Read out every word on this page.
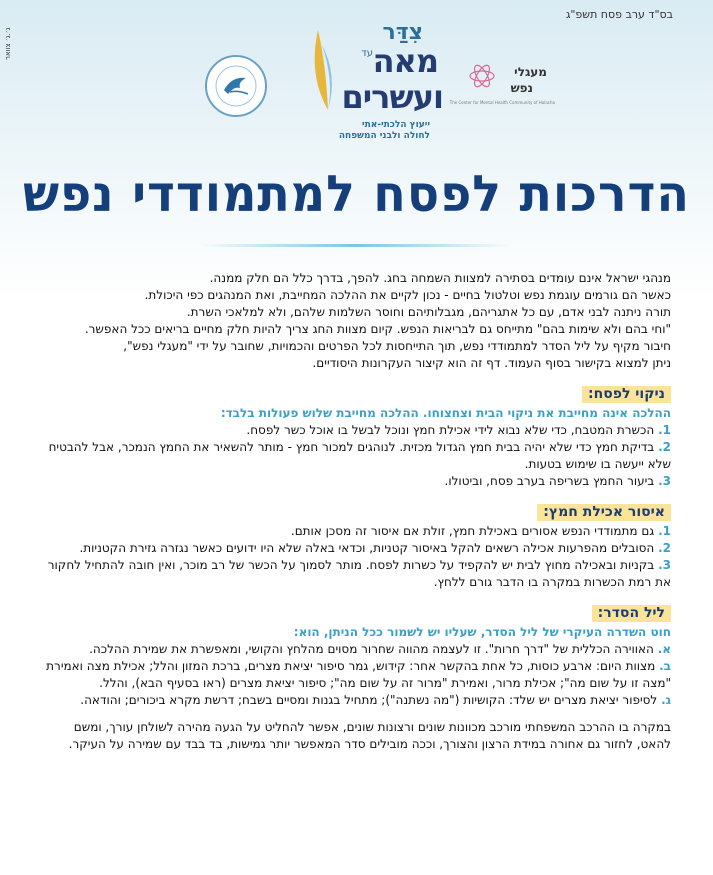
בס"ד ערב פסח תשפ"ג
ג׳.ג׳ צוואר	צִדַּר
עד מאה
ועשרים
ייעוץ הלכתי-אתי
לחולה ולבני המשפחה
מעגלי
נפש
The Center for Mental Health Community of Halacha
הדרכות לפסח למתמודדי נפש

מנהגי ישראל אינם עומדים בסתירה למצוות השמחה בחג. להפך, בדרך כלל הם חלק ממנה.

כאשר הם גורמים עוגמת נפש וטלטול בחיים - נכון לקיים את ההלכה המחייבת, ואת המנהגים כפי היכולת.

תורה ניתנה לבני אדם, עם כל אתגריהם, מגבלותיהם וחוסר השלמות שלהם, ולא למלאכי השרת.

"וחי בהם ולא שימות בהם" מתייחס גם לבריאות הנפש. קיום מצוות החג צריך להיות חלק מחיים בריאים ככל האפשר.

חיבור מקיף על ליל הסדר למתמודדי נפש, תוך התייחסות לכל הפרטים והכמויות, שחובר על ידי "מעגלי נפש",

ניתן למצוא בקישור בסוף העמוד. דף זה הוא קיצור העקרונות היסודיים.

ניקוי לפסח:

ההלכה אינה מחייבת את ניקוי הבית וצחצוחו. ההלכה מחייבת שלוש פעולות בלבד:

1. הכשרת המטבח, כדי שלא נבוא לידי אכילת חמץ ונוכל לבשל בו אוכל כשר לפסח.

2. בדיקת חמץ כדי שלא יהיה בבית חמץ הגדול מכזית. לנוהגים למכור חמץ - מותר להשאיר את החמץ הנמכר, אבל להבטיח שלא ייעשה בו שימוש בטעות.

3. ביעור החמץ בשריפה בערב פסח, וביטולו.

איסור אכילת חמץ:

1. גם מתמודדי הנפש אסורים באכילת חמץ, זולת אם איסור זה מסכן אותם.

2. הסובלים מהפרעות אכילה רשאים להקל באיסור קטניות, וכדאי באלה שלא היו ידועים כאשר נגזרה גזירת הקטניות.

3. בקניות ובאכילה מחוץ לבית יש להקפיד על כשרות לפסח. מותר לסמוך על הכשר של רב מוכר, ואין חובה להתחיל לחקור את רמת הכשרות במקרה בו הדבר גורם ללחץ.

ליל הסדר:

חוט השדרה העיקרי של ליל הסדר, שעליו יש לשמור ככל הניתן, הוא:

א. האווירה הכללית של "דרך חרות". זו לעצמה מהווה שחרור מסוים מהלחץ והקושי, ומאפשרת את שמירת ההלכה.

ב. מצוות היום: ארבע כוסות, כל אחת בהקשר אחר: קידוש, גמר סיפור יציאת מצרים, ברכת המזון והלל; אכילת מצה ואמירת "מצה זו על שום מה"; אכילת מרור, ואמירת "מרור זה על שום מה"; סיפור יציאת מצרים (ראו בסעיף הבא), והלל.

ג. לסיפור יציאת מצרים יש שלד: הקושיות ("מה נשתנה"); מתחיל בגנות ומסיים בשבח; דרשת מקרא ביכורים; והודאה.

במקרה בו ההרכב המשפחתי מורכב מכוונות שונים ורצונות שונים, אפשר להחליט על הגעה מהירה לשולחן עורך, ומשם להאט, לחזור גם אחורה במידת הרצון והצורך, וככה מובילים סדר המאפשר יותר גמישות, בד בבד עם שמירה על העיקר.
